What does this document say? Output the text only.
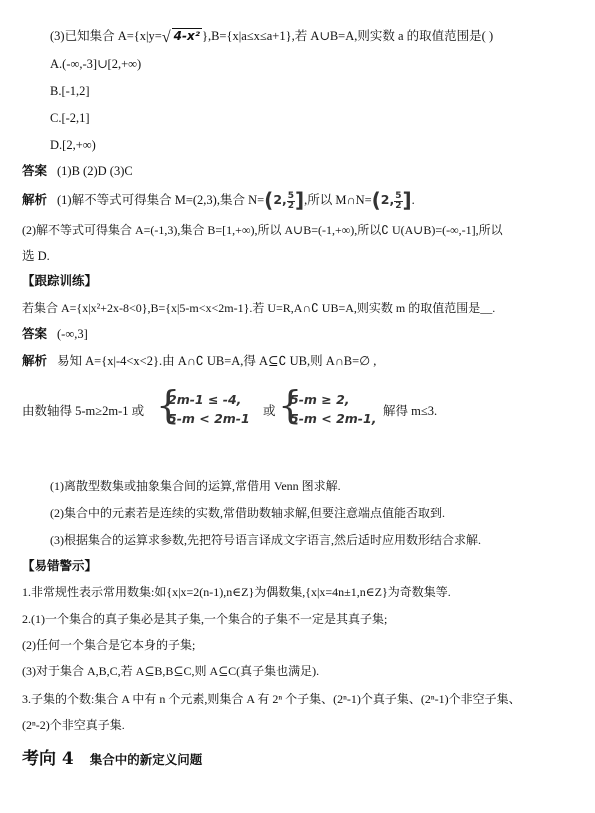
(3)已知集合 A={x|y=√ 4-x² },B={x|a≤x≤a+1},若 A∪B=A,则实数 a 的取值范围是( )
A.(-∞,-3]∪[2,+∞)
B.[-1,2]
C.[-2,1]
D.[2,+∞)
答案 (1)B (2)D (3)C
解析 (1)解不等式可得集合 M=(2,3),集合 N=(2, $\frac{5}{2}$ ],所以 M∩N=(2, $\frac{5}{2}$ ].
(2)解不等式可得集合 A=(-1,3),集合 B=[1,+∞),所以 A∪B=(-1,+∞),所以∁ U(A∪B)=(-∞,-1],所以
选 D.
【跟踪训练】
若集合 A={x|x²+2x-8<0},B={x|5-m<x<2m-1}.若 U=R,A∩∁ UB=A,则实数 m 的取值范围是__.
答案 (-∞,3]
解析 易知 A={x|-4<x<2}.由 A∩∁ UB=A,得 A⊆∁ UB,则 A∩B=∅ ,
由数轴得 5-m≥2m-1 或 {
2m-1 ≤ -4,
5-m < 2m-1 或 {
5-m ≥ 2,
5-m < 2m-1, 解得 m≤3.
(1)离散型数集或抽象集合间的运算,常借用 Venn 图求解.
(2)集合中的元素若是连续的实数,常借助数轴求解,但要注意端点值能否取到.
(3)根据集合的运算求参数,先把符号语言译成文字语言,然后适时应用数形结合求解.
【易错警示】
1.非常规性表示常用数集:如{x|x=2(n-1),n∈Z}为偶数集,{x|x=4n±1,n∈Z}为奇数集等.
2.(1)一个集合的真子集必是其子集,一个集合的子集不一定是其真子集;
(2)任何一个集合是它本身的子集;
(3)对于集合 A,B,C,若 A⊆B,B⊆C,则 A⊆C(真子集也满足).
3.子集的个数:集合 A 中有 n 个元素,则集合 A 有 2ⁿ 个子集、(2ⁿ-1)个真子集、(2ⁿ-1)个非空子集、
(2ⁿ-2)个非空真子集.
考向 4 集合中的新定义问题
